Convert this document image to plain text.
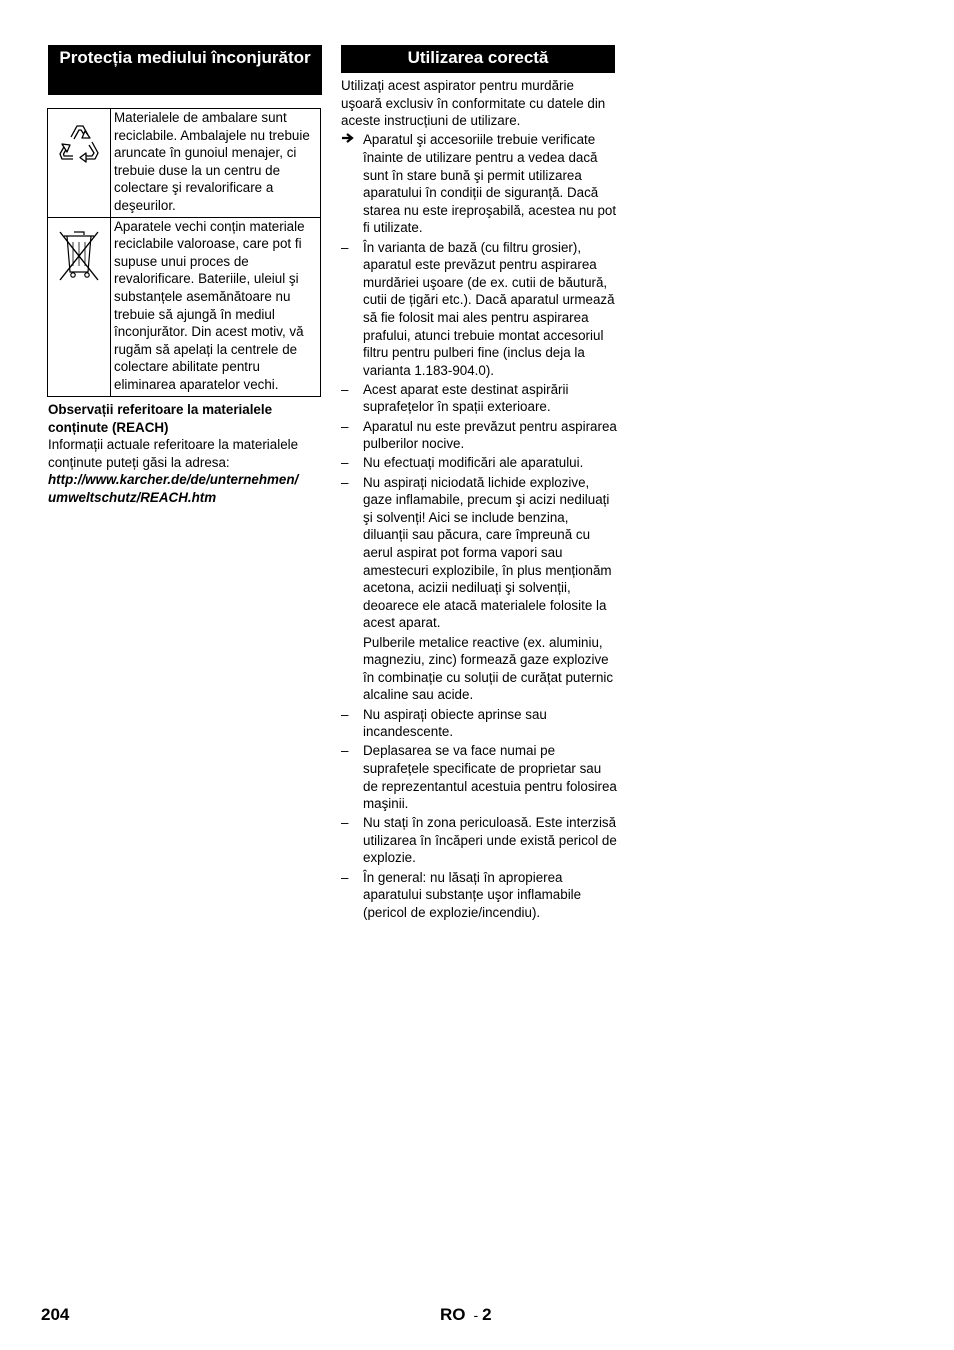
Protecția mediului înconjurător
	Materialele de ambalare sunt reciclabile. Ambalajele nu trebuie aruncate în gunoiul menajer, ci trebuie duse la un centru de colectare şi revalorificare a deşeurilor.

	Aparatele vechi conțin materiale reciclabile valoroase, care pot fi supuse unui proces de revalorificare. Bateriile, uleiul şi substanțele asemănătoare nu trebuie să ajungă în mediul înconjurător. Din acest motiv, vă rugăm să apelați la centrele de colectare abilitate pentru eliminarea aparatelor vechi.
Observații referitoare la materialele conținute (REACH)
Informații actuale referitoare la materialele conținute puteți găsi la adresa:
http://www.karcher.de/de/unternehmen/ umweltschutz/REACH.htm
Utilizarea corectă

Utilizați acest aspirator pentru murdărie uşoară exclusiv în conformitate cu datele din aceste instrucțiuni de utilizare.

Aparatul şi accesoriile trebuie verificate înainte de utilizare pentru a vedea dacă sunt în stare bună şi permit utilizarea aparatului în condiții de siguranță. Dacă starea nu este ireproşabilă, acestea nu pot fi utilizate.
–	În varianta de bază (cu filtru grosier), aparatul este prevăzut pentru aspirarea murdăriei uşoare (de ex. cutii de băutură, cutii de țigări etc.). Dacă aparatul urmează să fie folosit mai ales pentru aspirarea prafului, atunci trebuie montat accesoriul filtru pentru pulberi fine (inclus deja la varianta 1.183-904.0).
–	Acest aparat este destinat aspirării suprafețelor în spații exterioare.
–	Aparatul nu este prevăzut pentru aspirarea pulberilor nocive.
–	Nu efectuați modificări ale aparatului.
–	Nu aspirați niciodată lichide explozive, gaze inflamabile, precum şi acizi nediluați şi solvenți! Aici se include benzina, diluanții sau păcura, care împreună cu aerul aspirat pot forma vapori sau amestecuri explozibile, în plus menționăm acetona, acizii nediluați şi solvenții, deoarece ele atacă materialele folosite la acest aparat.
Pulberile metalice reactive (ex. aluminiu, magneziu, zinc) formează gaze explozive în combinație cu soluții de curățat puternic alcaline sau acide.
–	Nu aspirați obiecte aprinse sau incandescente.
–	Deplasarea se va face numai pe suprafețele specificate de proprietar sau de reprezentantul acestuia pentru folosirea maşinii.
–	Nu stați în zona periculoasă. Este interzisă utilizarea în încăperi unde există pericol de explozie.
–	În general: nu lăsați în apropierea aparatului substanțe uşor inflamabile (pericol de explozie/incendiu).
204	RO - 2
